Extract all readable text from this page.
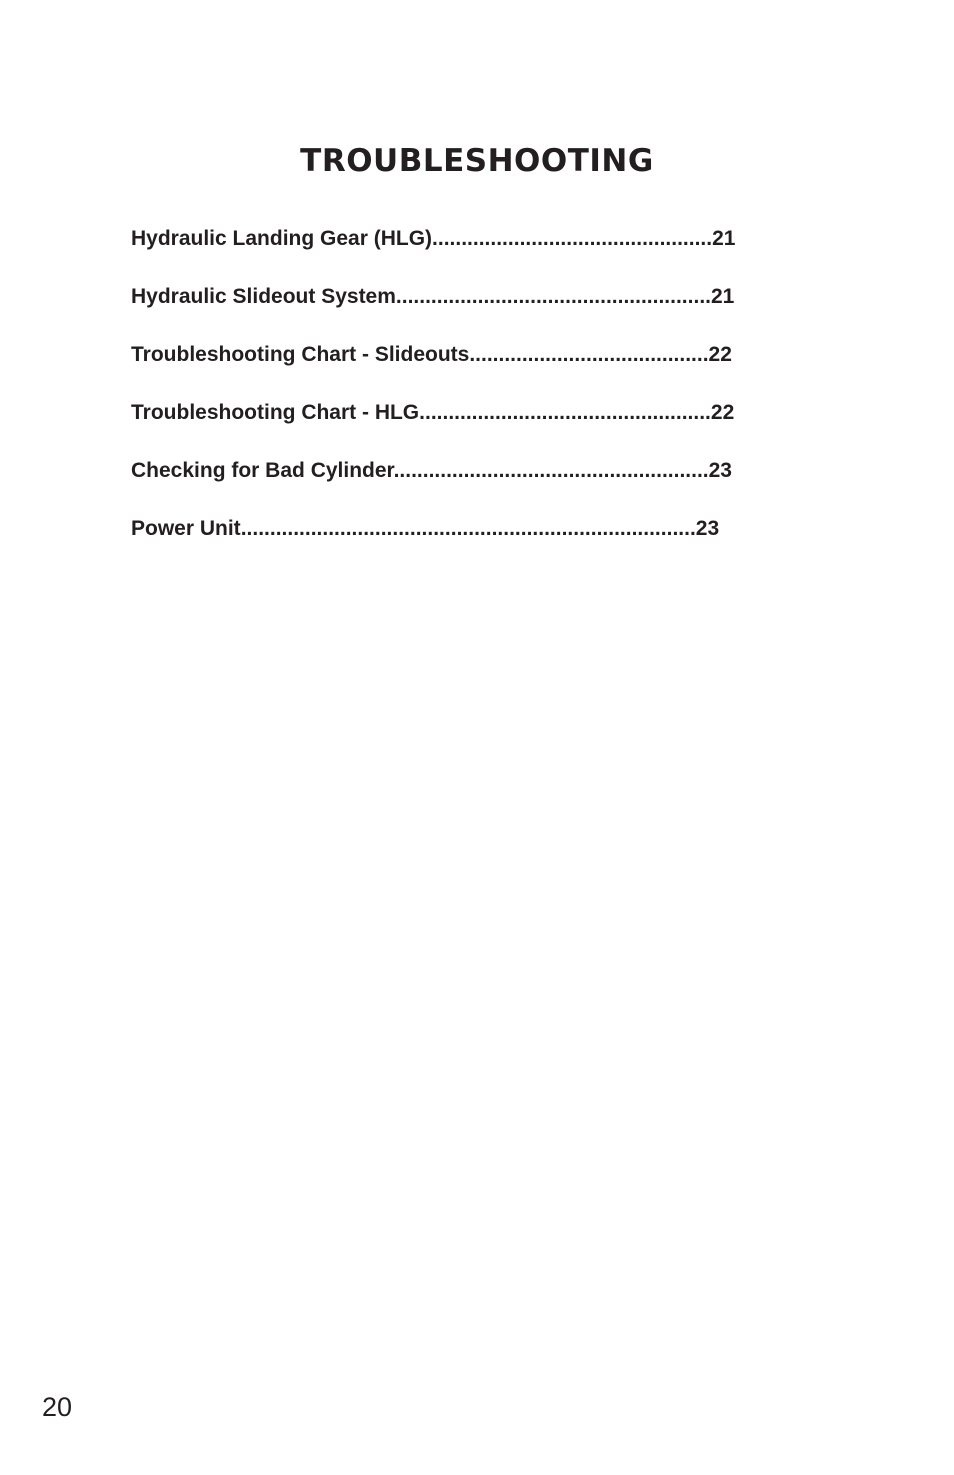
TROUBLESHOOTING
Hydraulic Landing Gear (HLG)................................................21
Hydraulic Slideout System......................................................21
Troubleshooting Chart - Slideouts.........................................22
Troubleshooting Chart - HLG..................................................22
Checking for Bad Cylinder......................................................23
Power Unit..............................................................................23
20
